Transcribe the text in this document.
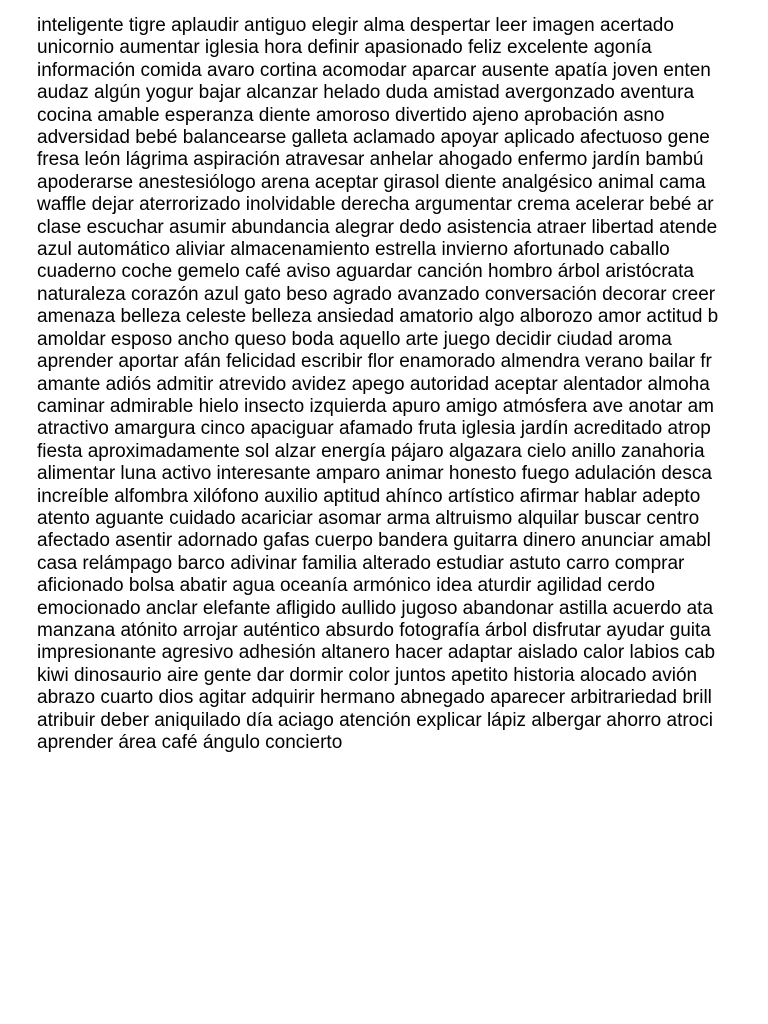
inteligente tigre aplaudir antiguo elegir alma despertar leer imagen acertado
unicornio aumentar iglesia hora definir apasionado feliz excelente agonía
información comida avaro cortina acomodar aparcar ausente apatía joven enten
audaz algún yogur bajar alcanzar helado duda amistad avergonzado aventura
cocina amable esperanza diente amoroso divertido ajeno aprobación asno
adversidad bebé balancearse galleta aclamado apoyar aplicado afectuoso gene
fresa león lágrima aspiración atravesar anhelar ahogado enfermo jardín bambú
apoderarse anestesiólogo arena aceptar girasol diente analgésico animal cama
waffle dejar aterrorizado inolvidable derecha argumentar crema acelerar bebé ar
clase escuchar asumir abundancia alegrar dedo asistencia atraer libertad atende
azul automático aliviar almacenamiento estrella invierno afortunado caballo
cuaderno coche gemelo café aviso aguardar canción hombro árbol aristócrata
naturaleza corazón azul gato beso agrado avanzado conversación decorar creer
amenaza belleza celeste belleza ansiedad amatorio algo alborozo amor actitud b
amoldar esposo ancho queso boda aquello arte juego decidir ciudad aroma
aprender aportar afán felicidad escribir flor enamorado almendra verano bailar fr
amante adiós admitir atrevido avidez apego autoridad aceptar alentador almoha
caminar admirable hielo insecto izquierda apuro amigo atmósfera ave anotar am
atractivo amargura cinco apaciguar afamado fruta iglesia jardín acreditado atrop
fiesta aproximadamente sol alzar energía pájaro algazara cielo anillo zanahoria
alimentar luna activo interesante amparo animar honesto fuego adulación desca
increíble alfombra xilófono auxilio aptitud ahínco artístico afirmar hablar adepto
atento aguante cuidado acariciar asomar arma altruismo alquilar buscar centro
afectado asentir adornado gafas cuerpo bandera guitarra dinero anunciar amabl
casa relámpago barco adivinar familia alterado estudiar astuto carro comprar
aficionado bolsa abatir agua oceanía armónico idea aturdir agilidad cerdo
emocionado anclar elefante afligido aullido jugoso abandonar astilla acuerdo ata
manzana atónito arrojar auténtico absurdo fotografía árbol disfrutar ayudar guita
impresionante agresivo adhesión altanero hacer adaptar aislado calor labios cab
kiwi dinosaurio aire gente dar dormir color juntos apetito historia alocado avión
abrazo cuarto dios agitar adquirir hermano abnegado aparecer arbitrariedad brill
atribuir deber aniquilado día aciago atención explicar lápiz albergar ahorro atroci
aprender área café ángulo concierto
